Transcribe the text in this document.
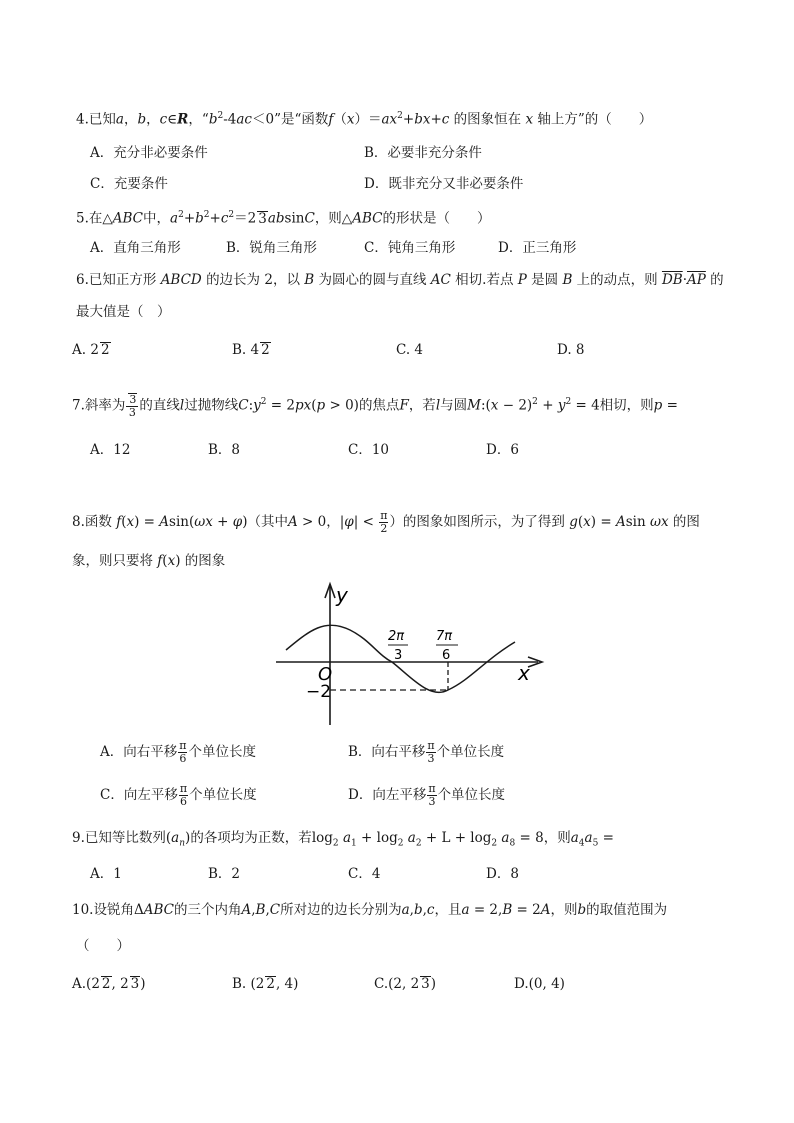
4.已知a，b，c∈R，“$b^2-4ac<0$”是“函数$f(x)=ax^2+bx+c$ 的图象恒在 x 轴上方”的（　　）
A．充分非必要条件	B．必要非充分条件
C．充要条件	D．既非充分又非必要条件
5.在△ABC中，$a^2+b^2+c^2=2$ 3absinC，则△ABC的形状是（　　）
A．直角三角形	B．锐角三角形	C．钝角三角形	D．正三角形
6.已知正方形 ABCD 的边长为 2，以 B 为圆心的圆与直线 AC 相切.若点 P 是圆 B 上的动点，则 $\overline{DB}\cdot\overline{AP}$ 的
最大值是（　）
A. 2 2	B. 4 2	C. 4	D. 8
7.斜率为 $\frac{3}{3}$ 的直线l过抛物线$C:y^2 = 2px(p > 0)$的焦点F，若l与圆M:(x − $2)^2 + y^2 = 4$相切，则p =
A．12	B．8	C．10	D．6
8.函数 f(x) = Asin(ωx + φ)（其中A > 0，$|\varphi| < \frac{\pi}{2}$ ）的图象如图所示，为了得到 g(x) = Asin ωx 的图
象，则只要将 f(x) 的图象
y
x
O
−2
2π
3
7π
6
A．向右平移 $\frac{\pi}{6}$ 个单位长度	B．向右平移 $\frac{\pi}{3}$ 个单位长度
C．向左平移 $\frac{\pi}{6}$ 个单位长度	D．向左平移 $\frac{\pi}{3}$ 个单位长度
9.已知等比数列$(a_n)$的各项均为正数，若$\log_2 a_1 + \log_2 a_2 + L + \log_2 a_8 = 8$，则$a_4a_5$ =
A．1	B．2	C．4	D．8
10.设锐角ΔABC的三个内角A,B,C所对边的边长分别为a,b,c，且a = 2,B = 2A，则b的取值范围为
（　　）
A.(2 2, 2 3)	B. (2 2, 4)	C.(2, 2 3)	D.(0, 4)
